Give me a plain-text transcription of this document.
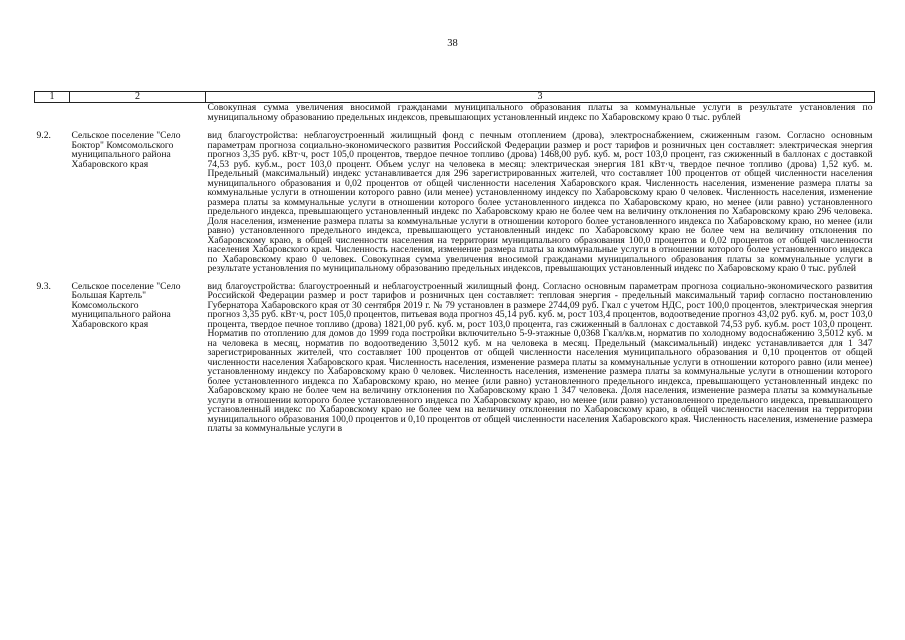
38
1	2	3
		Совокупная сумма увеличения вносимой гражданами муниципального образования платы за коммунальные услуги в результате установления по муниципальному образованию предельных индексов, превышающих установленный индекс по Хабаровскому краю 0 тыс. рублей
9.2.	Сельское поселение "Село Боктор" Комсомольского муниципального района Хабаровского края	вид благоустройства: неблагоустроенный жилищный фонд с печным отоплением (дрова), электроснабжением, сжиженным газом. Согласно основным параметрам прогноза социально-экономического развития Российской Федерации размер и рост тарифов и розничных цен составляет: электрическая энергия прогноз 3,35 руб. кВт·ч, рост 105,0 процентов, твердое печное топливо (дрова) 1468,00 руб. куб. м, рост 103,0 процент, газ сжиженный в баллонах с доставкой 74,53 руб. куб.м., рост 103,0 процент. Объем услуг на человека в месяц: электрическая энергия 181 кВт·ч, твердое печное топливо (дрова) 1,52 куб. м. Предельный (максимальный) индекс устанавливается для 296 зарегистрированных жителей, что составляет 100 процентов от общей численности населения муниципального образования и 0,02 процентов от общей численности населения Хабаровского края. Численность населения, изменение размера платы за коммунальные услуги в отношении которого равно (или менее) установленному индексу по Хабаровскому краю 0 человек. Численность населения, изменение размера платы за коммунальные услуги в отношении которого более установленного индекса по Хабаровскому краю, но менее (или равно) установленного предельного индекса, превышающего установленный индекс по Хабаровскому краю не более чем на величину отклонения по Хабаровскому краю 296 человека. Доля населения, изменение размера платы за коммунальные услуги в отношении которого более установленного индекса по Хабаровскому краю, но менее (или равно) установленного предельного индекса, превышающего установленный индекс по Хабаровскому краю не более чем на величину отклонения по Хабаровскому краю, в общей численности населения на территории муниципального образования 100,0 процентов и 0,02 процентов от общей численности населения Хабаровского края. Численность населения, изменение размера платы за коммунальные услуги в отношении которого более установленного индекса по Хабаровскому краю 0 человек. Совокупная сумма увеличения вносимой гражданами муниципального образования платы за коммунальные услуги в результате установления по муниципальному образованию предельных индексов, превышающих установленный индекс по Хабаровскому краю 0 тыс. рублей
9.3.	Сельское поселение "Село Большая Картель" Комсомольского муниципального района Хабаровского края	вид благоустройства: благоустроенный и неблагоустроенный жилищный фонд. Согласно основным параметрам прогноза социально-экономического развития Российской Федерации размер и рост тарифов и розничных цен составляет: тепловая энергия - предельный максимальный тариф согласно постановлению Губернатора Хабаровского края от 30 сентября 2019 г. № 79 установлен в размере 2744,09 руб. Гкал с учетом НДС, рост 100,0 процентов, электрическая энергия прогноз 3,35 руб. кВт·ч, рост 105,0 процентов, питьевая вода прогноз 45,14 руб. куб. м, рост 103,4 процентов, водоотведение прогноз 43,02 руб. куб. м, рост 103,0 процента, твердое печное топливо (дрова) 1821,00 руб. куб. м, рост 103,0 процента, газ сжиженный в баллонах с доставкой 74,53 руб. куб.м. рост 103,0 процент. Норматив по отоплению для домов до 1999 года постройки включительно 5-9-этажные 0,0368 Гкал/кв.м, норматив по холодному водоснабжению 3,5012 куб. м на человека в месяц, норматив по водоотведению 3,5012 куб. м на человека в месяц. Предельный (максимальный) индекс устанавливается для 1 347 зарегистрированных жителей, что составляет 100 процентов от общей численности населения муниципального образования и 0,10 процентов от общей численности населения Хабаровского края. Численность населения, изменение размера платы за коммунальные услуги в отношении которого равно (или менее) установленному индексу по Хабаровскому краю 0 человек. Численность населения, изменение размера платы за коммунальные услуги в отношении которого более установленного индекса по Хабаровскому краю, но менее (или равно) установленного предельного индекса, превышающего установленный индекс по Хабаровскому краю не более чем на величину отклонения по Хабаровскому краю 1 347 человека. Доля населения, изменение размера платы за коммунальные услуги в отношении которого более установленного индекса по Хабаровскому краю, но менее (или равно) установленного предельного индекса, превышающего установленный индекс по Хабаровскому краю не более чем на величину отклонения по Хабаровскому краю, в общей численности населения на территории муниципального образования 100,0 процентов и 0,10 процентов от общей численности населения Хабаровского края. Численность населения, изменение размера платы за коммунальные услуги в
